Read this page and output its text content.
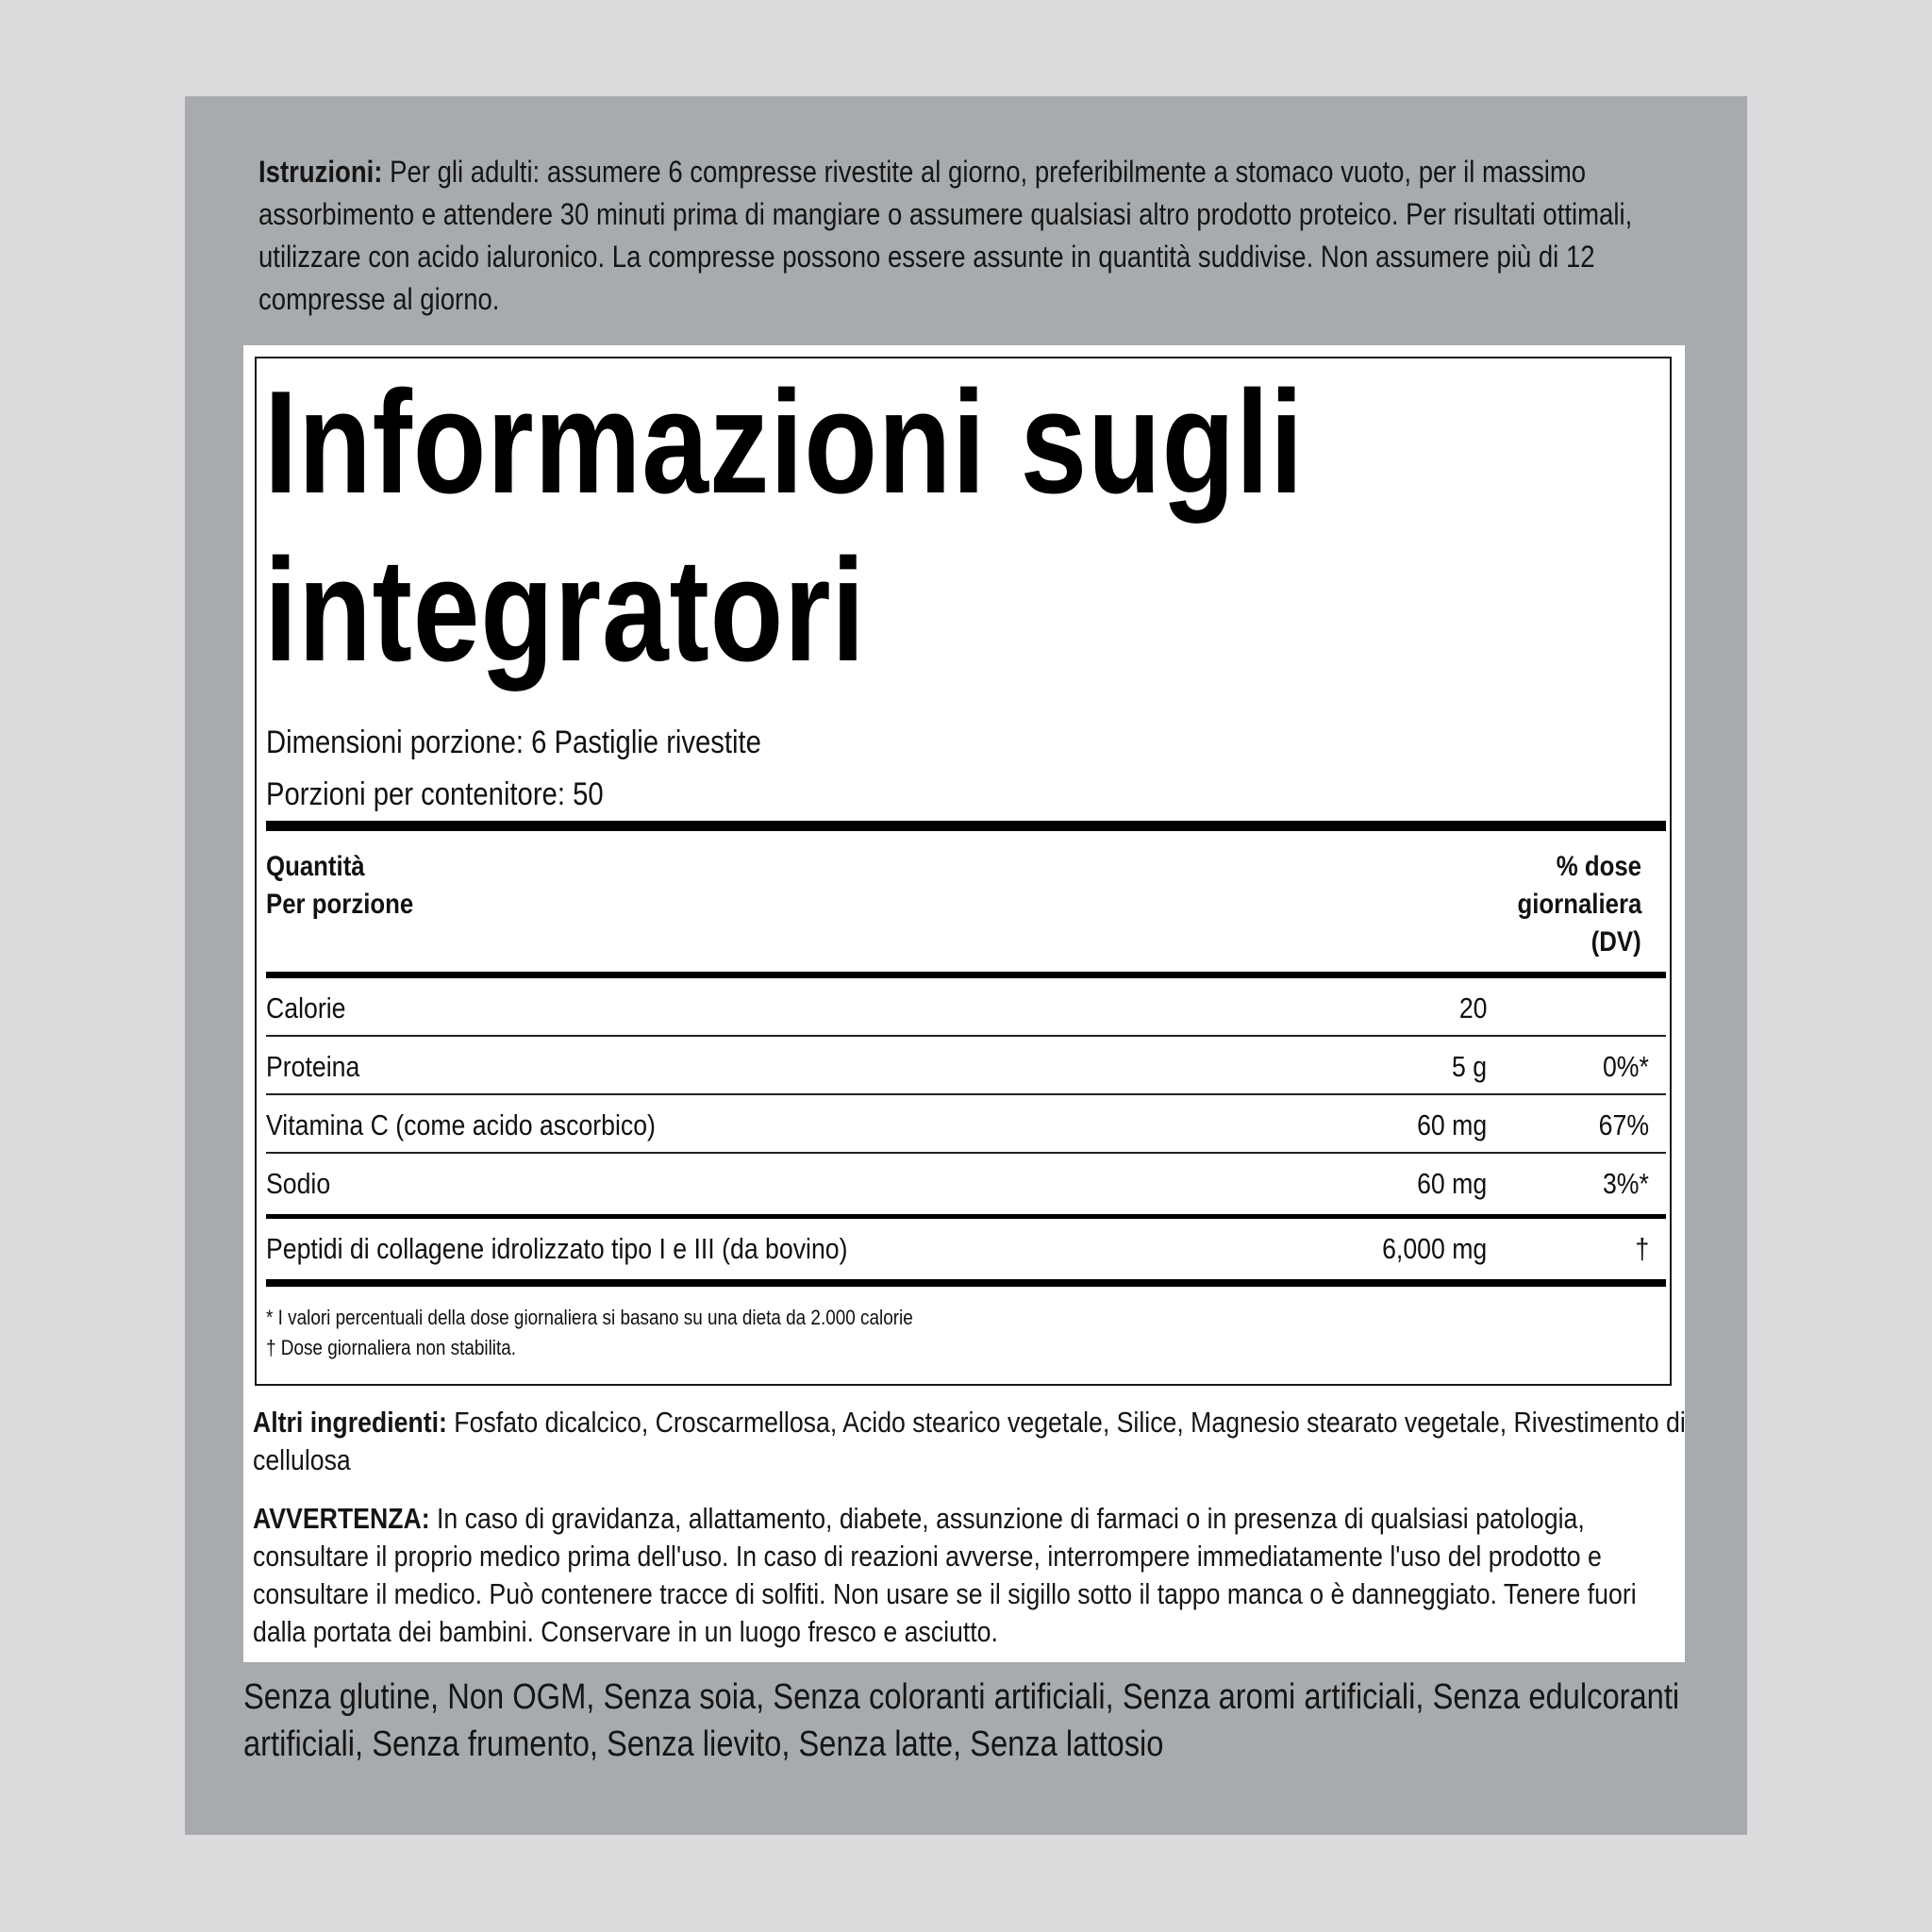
Istruzioni: Per gli adulti: assumere 6 compresse rivestite al giorno, preferibilmente a stomaco vuoto, per il massimo assorbimento e attendere 30 minuti prima di mangiare o assumere qualsiasi altro prodotto proteico. Per risultati ottimali, utilizzare con acido ialuronico. La compresse possono essere assunte in quantità suddivise. Non assumere più di 12 compresse al giorno.

Informazioni sugli integratori
Dimensioni porzione: 6 Pastiglie rivestite
Porzioni per contenitore: 50
Quantità
Per porzione
% dose
giornaliera
(DV)
Calorie	20
Proteina	5 g	0%*
Vitamina C (come acido ascorbico)	60 mg	67%
Sodio	60 mg	3%*
Peptidi di collagene idrolizzato tipo I e III (da bovino)	6,000 mg	†
* I valori percentuali della dose giornaliera si basano su una dieta da 2.000 calorie
† Dose giornaliera non stabilita.

Altri ingredienti: Fosfato dicalcico, Croscarmellosa, Acido stearico vegetale, Silice, Magnesio stearato vegetale, Rivestimento di cellulosa

AVVERTENZA: In caso di gravidanza, allattamento, diabete, assunzione di farmaci o in presenza di qualsiasi patologia, consultare il proprio medico prima dell'uso. In caso di reazioni avverse, interrompere immediatamente l'uso del prodotto e consultare il medico. Può contenere tracce di solfiti. Non usare se il sigillo sotto il tappo manca o è danneggiato. Tenere fuori dalla portata dei bambini. Conservare in un luogo fresco e asciutto.

Senza glutine, Non OGM, Senza soia, Senza coloranti artificiali, Senza aromi artificiali, Senza edulcoranti artificiali, Senza frumento, Senza lievito, Senza latte, Senza lattosio
